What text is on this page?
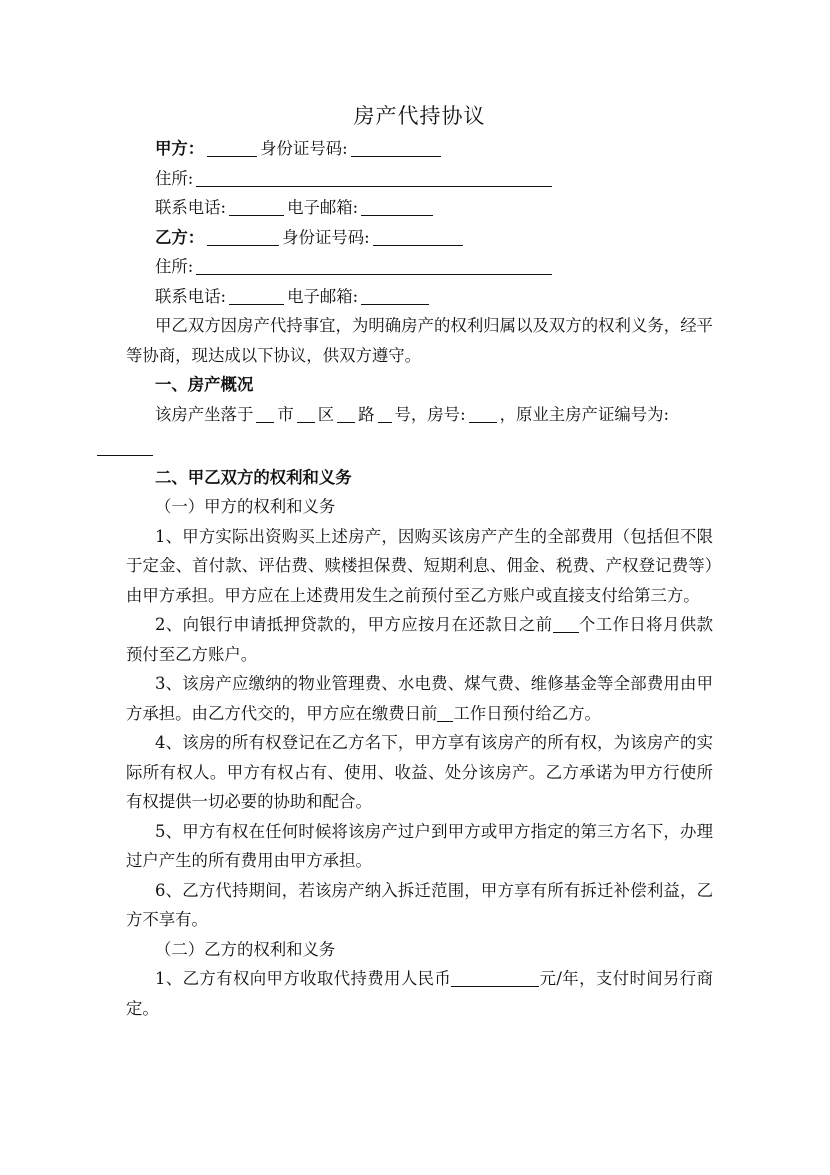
房产代持协议
甲方：	身份证号码:
住所:
联系电话:	电子邮箱:
乙方：	身份证号码:
住所:
联系电话:	电子邮箱:
甲乙双方因房产代持事宜，为明确房产的权利归属以及双方的权利义务，经平等协商，现达成以下协议，供双方遵守。
一、房产概况
该房产坐落于 市 区 路 号，房号: ，原业主房产证编号为:

二、甲乙双方的权利和义务
（一）甲方的权利和义务
1、甲方实际出资购买上述房产，因购买该房产产生的全部费用（包括但不限于定金、首付款、评估费、赎楼担保费、短期利息、佣金、税费、产权登记费等）由甲方承担。甲方应在上述费用发生之前预付至乙方账户或直接支付给第三方。
2、向银行申请抵押贷款的，甲方应按月在还款日之前 个工作日将月供款预付至乙方账户。
3、该房产应缴纳的物业管理费、水电费、煤气费、维修基金等全部费用由甲方承担。由乙方代交的，甲方应在缴费日前 工作日预付给乙方。
4、该房的所有权登记在乙方名下，甲方享有该房产的所有权，为该房产的实际所有权人。甲方有权占有、使用、收益、处分该房产。乙方承诺为甲方行使所有权提供一切必要的协助和配合。
5、甲方有权在任何时候将该房产过户到甲方或甲方指定的第三方名下，办理过户产生的所有费用由甲方承担。
6、乙方代持期间，若该房产纳入拆迁范围，甲方享有所有拆迁补偿利益，乙方不享有。
（二）乙方的权利和义务
1、乙方有权向甲方收取代持费用人民币	元/年，支付时间另行商定。
